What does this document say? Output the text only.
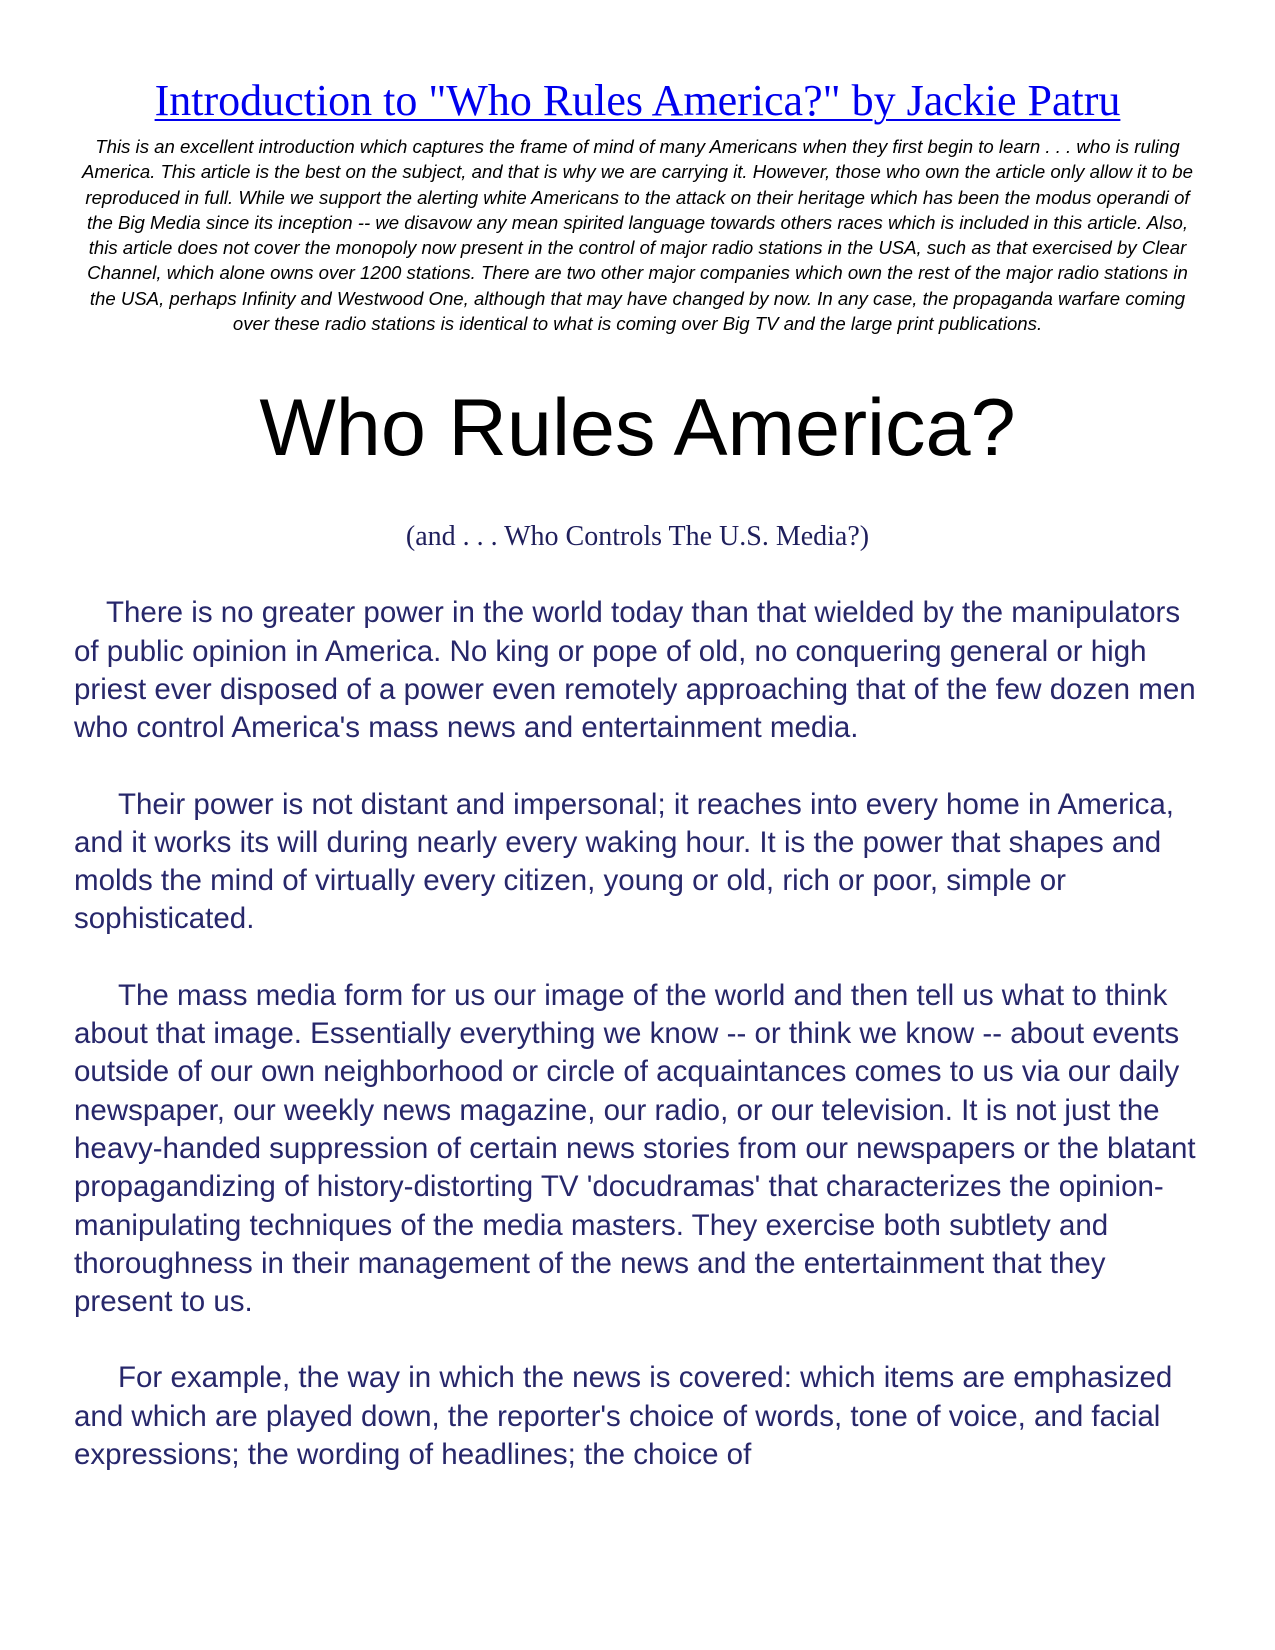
Introduction to "Who Rules America?" by Jackie Patru

This is an excellent introduction which captures the frame of mind of many Americans when they first begin to learn . . . who is ruling America. This article is the best on the subject, and that is why we are carrying it. However, those who own the article only allow it to be reproduced in full. While we support the alerting white Americans to the attack on their heritage which has been the modus operandi of the Big Media since its inception -- we disavow any mean spirited language towards others races which is included in this article. Also, this article does not cover the monopoly now present in the control of major radio stations in the USA, such as that exercised by Clear Channel, which alone owns over 1200 stations. There are two other major companies which own the rest of the major radio stations in the USA, perhaps Infinity and Westwood One, although that may have changed by now. In any case, the propaganda warfare coming over these radio stations is identical to what is coming over Big TV and the large print publications.

Who Rules America?

(and . . . Who Controls The U.S. Media?)

There is no greater power in the world today than that wielded by the manipulators of public opinion in America. No king or pope of old, no conquering general or high priest ever disposed of a power even remotely approaching that of the few dozen men who control America's mass news and entertainment media.

Their power is not distant and impersonal; it reaches into every home in America, and it works its will during nearly every waking hour. It is the power that shapes and molds the mind of virtually every citizen, young or old, rich or poor, simple or sophisticated.

The mass media form for us our image of the world and then tell us what to think about that image. Essentially everything we know -- or think we know -- about events outside of our own neighborhood or circle of acquaintances comes to us via our daily newspaper, our weekly news magazine, our radio, or our television. It is not just the heavy-handed suppression of certain news stories from our newspapers or the blatant propagandizing of history-distorting TV 'docudramas' that characterizes the opinion-manipulating techniques of the media masters. They exercise both subtlety and thoroughness in their management of the news and the entertainment that they present to us.

For example, the way in which the news is covered: which items are emphasized and which are played down, the reporter's choice of words, tone of voice, and facial expressions; the wording of headlines; the choice of
